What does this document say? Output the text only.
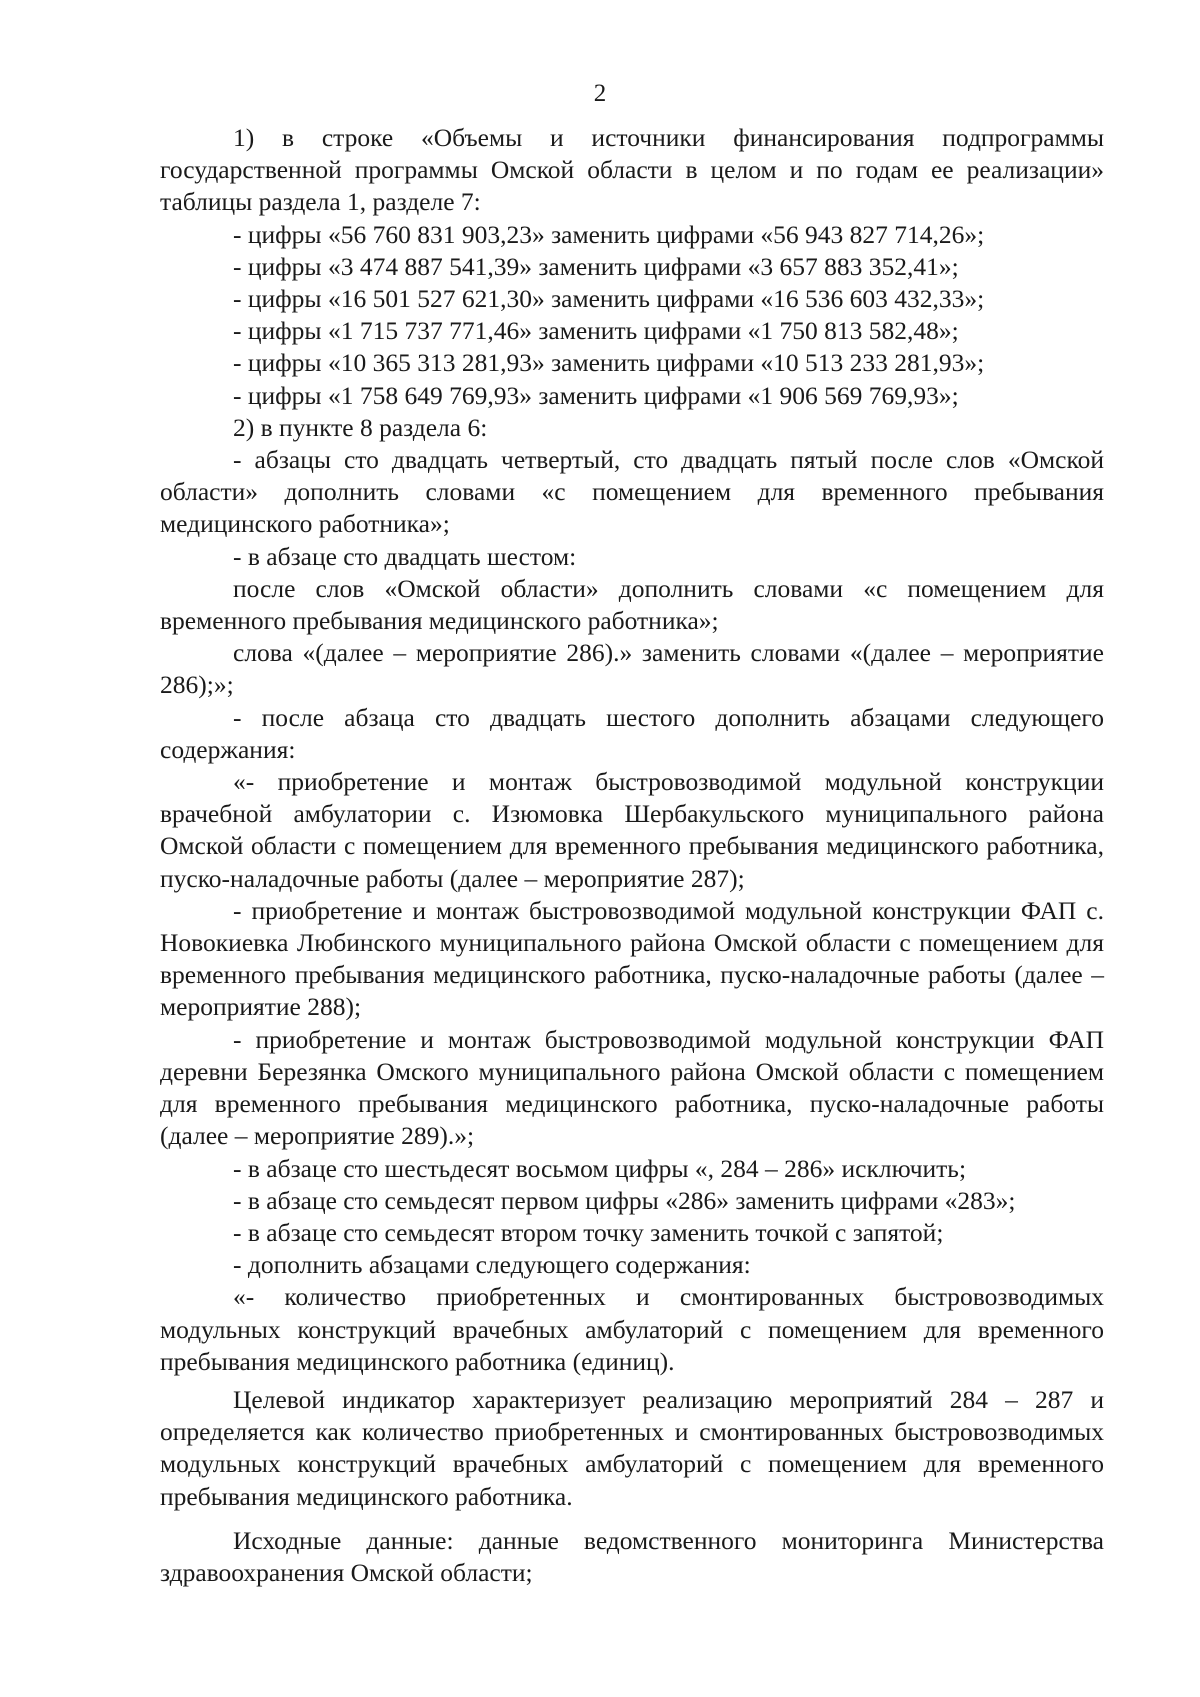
2

1) в строке «Объемы и источники финансирования подпрограммы государственной программы Омской области в целом и по годам ее реализации» таблицы раздела 1, разделе 7:

- цифры «56 760 831 903,23» заменить цифрами «56 943 827 714,26»;

- цифры «3 474 887 541,39» заменить цифрами «3 657 883 352,41»;

- цифры «16 501 527 621,30» заменить цифрами «16 536 603 432,33»;

- цифры «1 715 737 771,46» заменить цифрами «1 750 813 582,48»;

- цифры «10 365 313 281,93» заменить цифрами «10 513 233 281,93»;

- цифры «1 758 649 769,93» заменить цифрами «1 906 569 769,93»;

2) в пункте 8 раздела 6:

- абзацы сто двадцать четвертый, сто двадцать пятый после слов «Омской области» дополнить словами «с помещением для временного пребывания медицинского работника»;

- в абзаце сто двадцать шестом:

после слов «Омской области» дополнить словами «с помещением для временного пребывания медицинского работника»;

слова «(далее – мероприятие 286).» заменить словами «(далее – мероприятие 286);»;

- после абзаца сто двадцать шестого дополнить абзацами следующего содержания:

«- приобретение и монтаж быстровозводимой модульной конструкции врачебной амбулатории с. Изюмовка Шербакульского муниципального района Омской области с помещением для временного пребывания медицинского работника, пуско-наладочные работы (далее – мероприятие 287);

- приобретение и монтаж быстровозводимой модульной конструкции ФАП с. Новокиевка Любинского муниципального района Омской области с помещением для временного пребывания медицинского работника, пуско-наладочные работы (далее – мероприятие 288);

- приобретение и монтаж быстровозводимой модульной конструкции ФАП деревни Березянка Омского муниципального района Омской области с помещением для временного пребывания медицинского работника, пуско-наладочные работы (далее – мероприятие 289).»;

- в абзаце сто шестьдесят восьмом цифры «, 284 – 286» исключить;

- в абзаце сто семьдесят первом цифры «286» заменить цифрами «283»;

- в абзаце сто семьдесят втором точку заменить точкой с запятой;

- дополнить абзацами следующего содержания:

«- количество приобретенных и смонтированных быстровозводимых модульных конструкций врачебных амбулаторий с помещением для временного пребывания медицинского работника (единиц).

Целевой индикатор характеризует реализацию мероприятий 284 – 287 и определяется как количество приобретенных и смонтированных быстровозводимых модульных конструкций врачебных амбулаторий с помещением для временного пребывания медицинского работника.

Исходные данные: данные ведомственного мониторинга Министерства здравоохранения Омской области;
